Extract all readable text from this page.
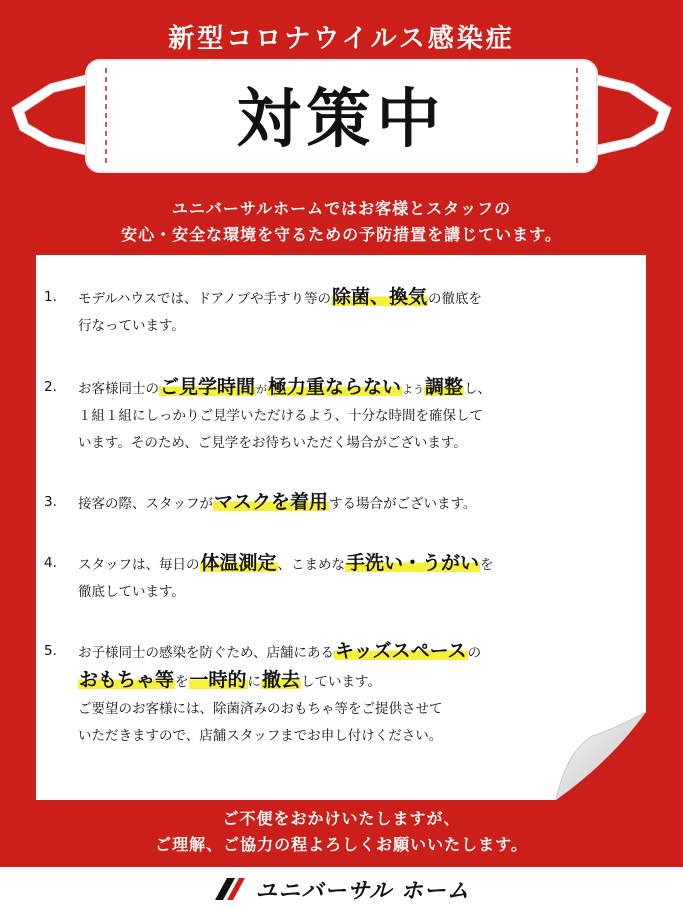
新型コロナウイルス感染症
対策中
ユニバーサルホームではお客様とスタッフの
安心・安全な環境を守るための予防措置を講じています。
1. モデルハウスでは、ドアノブや手すり等の除菌、換気の徹底を
行なっています。
2. お客様同士のご見学時間が極力重ならないよう調整し、
１組１組にしっかりご見学いただけるよう、十分な時間を確保して
います。そのため、ご見学をお待ちいただく場合がございます。
3. 接客の際、スタッフがマスクを着用する場合がございます。
4. スタッフは、毎日の体温測定、こまめな手洗い・うがいを
徹底しています。
5. お子様同士の感染を防ぐため、店舗にあるキッズスペースの
おもちゃ等を一時的に撤去しています。
ご要望のお客様には、除菌済みのおもちゃ等をご提供させて
いただきますので、店舗スタッフまでお申し付けください。
ご不便をおかけいたしますが、
ご理解、ご協力の程よろしくお願いいたします。
ユニバーサル ホーム
